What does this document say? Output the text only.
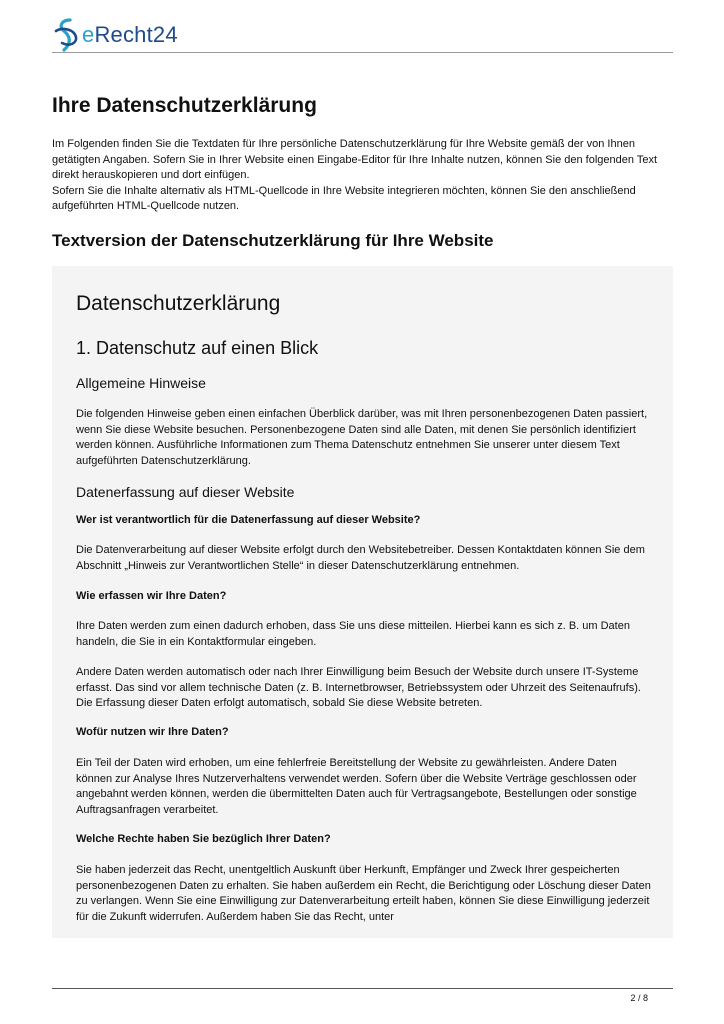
eRecht24
Ihre Datenschutzerklärung

Im Folgenden finden Sie die Textdaten für Ihre persönliche Datenschutzerklärung für Ihre Website gemäß der von Ihnen getätigten Angaben. Sofern Sie in Ihrer Website einen Eingabe-Editor für Ihre Inhalte nutzen, können Sie den folgenden Text direkt herauskopieren und dort einfügen.

Sofern Sie die Inhalte alternativ als HTML-Quellcode in Ihre Website integrieren möchten, können Sie den anschließend aufgeführten HTML-Quellcode nutzen.

Textversion der Datenschutzerklärung für Ihre Website
Datenschutzerklärung
1. Datenschutz auf einen Blick
Allgemeine Hinweise

Die folgenden Hinweise geben einen einfachen Überblick darüber, was mit Ihren personenbezogenen Daten passiert, wenn Sie diese Website besuchen. Personenbezogene Daten sind alle Daten, mit denen Sie persönlich identifiziert werden können. Ausführliche Informationen zum Thema Datenschutz entnehmen Sie unserer unter diesem Text aufgeführten Datenschutzerklärung.

Datenerfassung auf dieser Website

Wer ist verantwortlich für die Datenerfassung auf dieser Website?

Die Datenverarbeitung auf dieser Website erfolgt durch den Websitebetreiber. Dessen Kontaktdaten können Sie dem Abschnitt „Hinweis zur Verantwortlichen Stelle“ in dieser Datenschutzerklärung entnehmen.

Wie erfassen wir Ihre Daten?

Ihre Daten werden zum einen dadurch erhoben, dass Sie uns diese mitteilen. Hierbei kann es sich z. B. um Daten handeln, die Sie in ein Kontaktformular eingeben.

Andere Daten werden automatisch oder nach Ihrer Einwilligung beim Besuch der Website durch unsere IT-Systeme erfasst. Das sind vor allem technische Daten (z. B. Internetbrowser, Betriebssystem oder Uhrzeit des Seitenaufrufs). Die Erfassung dieser Daten erfolgt automatisch, sobald Sie diese Website betreten.

Wofür nutzen wir Ihre Daten?

Ein Teil der Daten wird erhoben, um eine fehlerfreie Bereitstellung der Website zu gewährleisten. Andere Daten können zur Analyse Ihres Nutzerverhaltens verwendet werden. Sofern über die Website Verträge geschlossen oder angebahnt werden können, werden die übermittelten Daten auch für Vertragsangebote, Bestellungen oder sonstige Auftragsanfragen verarbeitet.

Welche Rechte haben Sie bezüglich Ihrer Daten?

Sie haben jederzeit das Recht, unentgeltlich Auskunft über Herkunft, Empfänger und Zweck Ihrer gespeicherten personenbezogenen Daten zu erhalten. Sie haben außerdem ein Recht, die Berichtigung oder Löschung dieser Daten zu verlangen. Wenn Sie eine Einwilligung zur Datenverarbeitung erteilt haben, können Sie diese Einwilligung jederzeit für die Zukunft widerrufen. Außerdem haben Sie das Recht, unter

2 / 8
